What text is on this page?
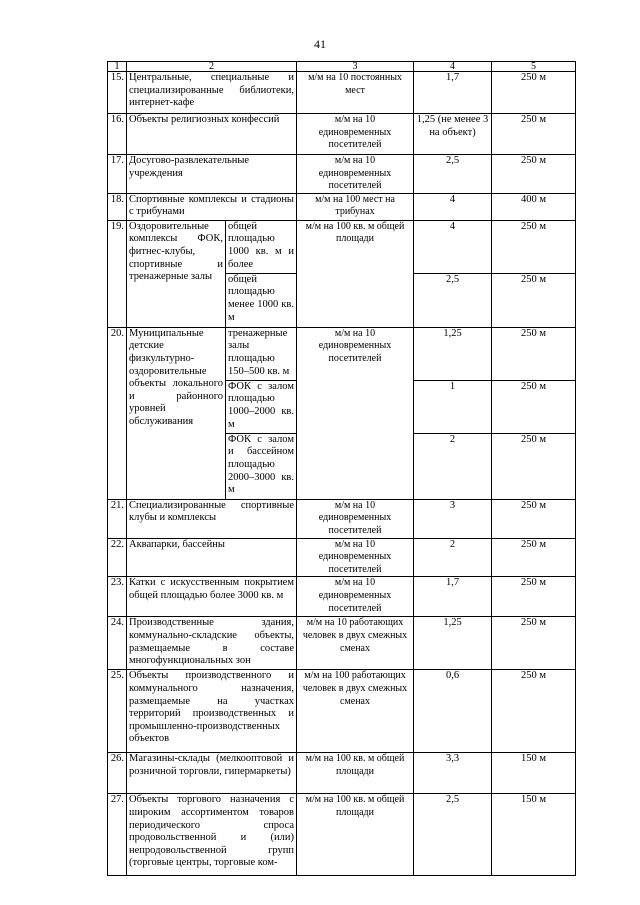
41
1	2		3	4	5
15.	Центральные, специальные и специализированные библиотеки, интернет-кафе		м/м на 10 постоянных мест	1,7	250 м
16.	Объекты религиозных конфессий		м/м на 10 единовременных посетителей	1,25 (не менее 3 на объект)	250 м
17.	Досугово-развлекательные учреждения		м/м на 10 единовременных посетителей	2,5	250 м
18.	Спортивные комплексы и стадионы с трибунами		м/м на 100 мест на трибунах	4	400 м
19.	Оздоровительные комплексы ФОК, фитнес-клубы, спортивные и тренажерные залы	общей площадью 1000 кв. м и более	м/м на 100 кв. м общей площади	4	250 м
		общей площадью менее 1000 кв. м		2,5	250 м
20.	Муниципальные детские физкультурно-оздоровительные объекты локального и районного уровней обслуживания	тренажерные залы площадью 150–500 кв. м	м/м на 10 единовременных посетителей	1,25	250 м
		ФОК с залом площадью 1000–2000 кв. м		1	250 м
		ФОК с залом и бассейном площадью 2000–3000 кв. м		2	250 м
21.	Специализированные спортивные клубы и комплексы		м/м на 10 единовременных посетителей	3	250 м
22.	Аквапарки, бассейны		м/м на 10 единовременных посетителей	2	250 м
23.	Катки с искусственным покрытием общей площадью более 3000 кв. м		м/м на 10 единовременных посетителей	1,7	250 м
24.	Производственные здания, коммунально-складские объекты, размещаемые в составе многофункциональных зон		м/м на 10 работающих человек в двух смежных сменах	1,25	250 м
25.	Объекты производственного и коммунального назначения, размещаемые на участках территорий производственных и промышленно-производственных объектов		м/м на 100 работающих человек в двух смежных сменах	0,6	250 м
26.	Магазины-склады (мелкооптовой и розничной торговли, гипермаркеты)		м/м на 100 кв. м общей площади	3,3	150 м
27.	Объекты торгового назначения с широким ассортиментом товаров периодического спроса продовольственной и (или) непродовольственной групп (торговые центры, торговые ком-		м/м на 100 кв. м общей площади	2,5	150 м
